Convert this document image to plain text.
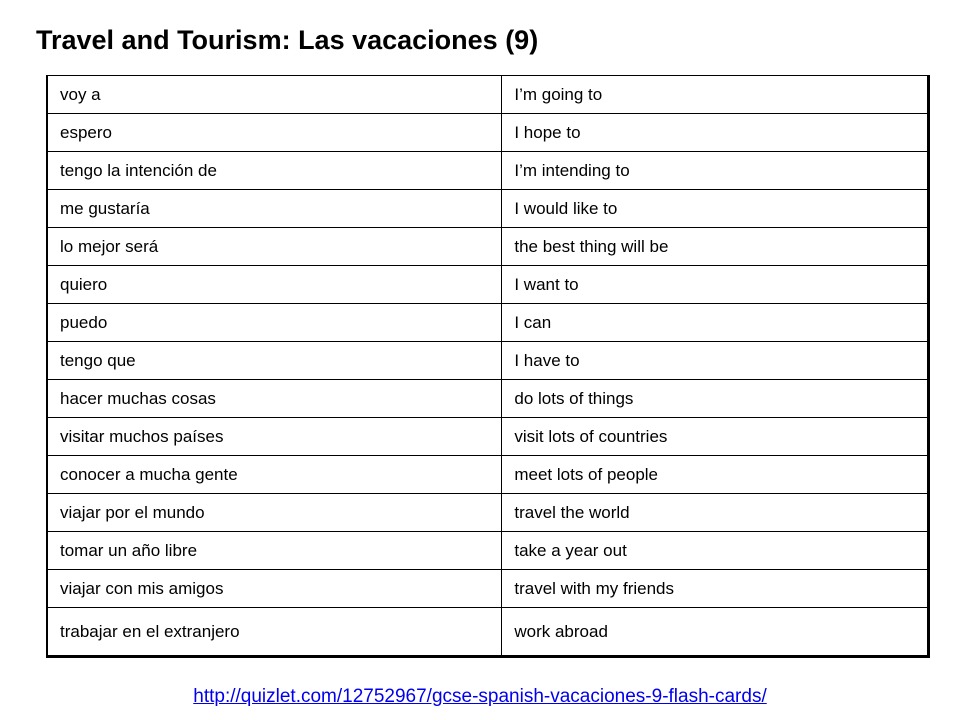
Travel and Tourism: Las vacaciones (9)
voy a	I’m going to
espero	I hope to
tengo la intención de	I’m intending to
me gustaría	I would like to
lo mejor será	the best thing will be
quiero	I want to
puedo	I can
tengo que	I have to
hacer muchas cosas	do lots of things
visitar muchos países	visit lots of countries
conocer a mucha gente	meet lots of people
viajar por el mundo	travel the world
tomar un año libre	take a year out
viajar con mis amigos	travel with my friends
trabajar en el extranjero	work abroad
http://quizlet.com/12752967/gcse-spanish-vacaciones-9-flash-cards/
